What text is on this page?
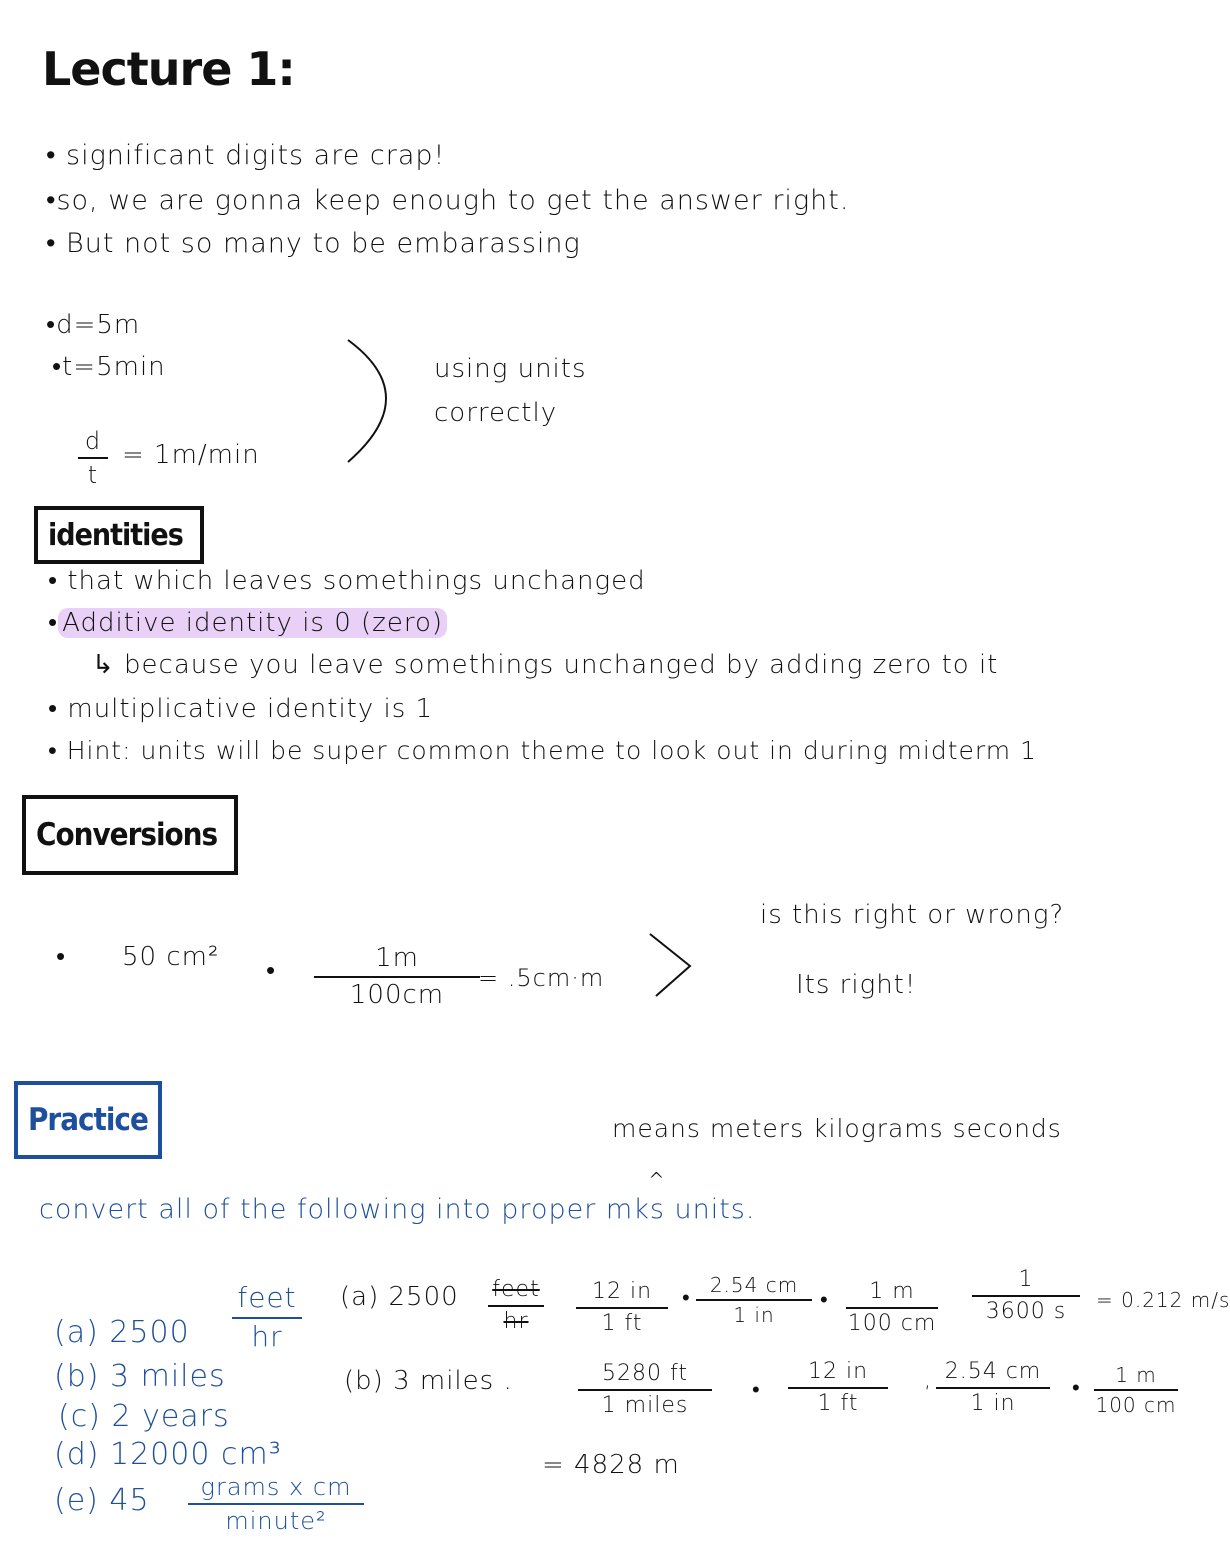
Lecture 1:
• significant digits are crap!
•so, we are gonna keep enough to get the answer right.
• But not so many to be embarassing
•d=5m
•t=5min
d
t
= 1m/min
using units
correctly
identities
• that which leaves somethings unchanged
• Additive identity is 0 (zero)
↳ because you leave somethings unchanged by adding zero to it
• multiplicative identity is 1
• Hint: units will be super common theme to look out in during midterm 1
Conversions
• 50 cm² •	1m
100cm
= .5cm·m
is this right or wrong?
Its right!
Practice	means meters kilograms seconds
convert all of the following into proper mks units.
^
(a) 2500
feet
hr
(b) 3 miles
(c) 2 years
(d) 12000 cm³
(e) 45	grams x cm
minute²
(a) 2500 feet
hr
12 in
1 ft
•
2.54 cm
1 in
•	1 m
100 cm
1
3600 s	= 0.212 m/s
(b) 3 miles .	5280 ft
1 miles
•
12 in
1 ft
, 2.54 cm
1 in
•
1 m
100 cm
= 4828 m
